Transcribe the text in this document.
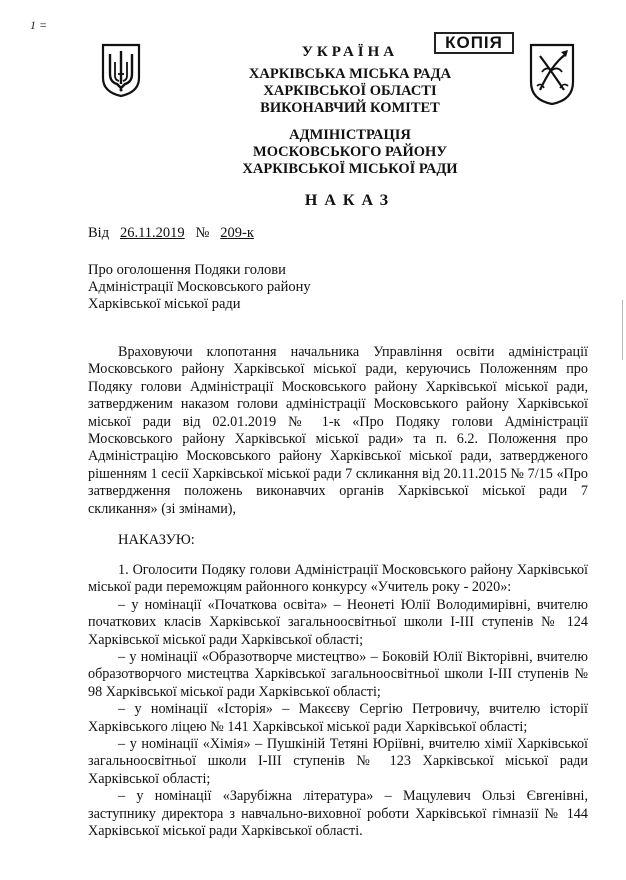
1 =
КОПІЯ
УКРАЇНА
ХАРКІВСЬКА МІСЬКА РАДА
ХАРКІВСЬКОЇ ОБЛАСТІ
ВИКОНАВЧИЙ КОМІТЕТ
АДМІНІСТРАЦІЯ
МОСКОВСЬКОГО РАЙОНУ
ХАРКІВСЬКОЇ МІСЬКОЇ РАДИ
НАКАЗ
Від 26.11.2019 № 209-к
Про оголошення Подяки голови
Адміністрації Московського району
Харківської міської ради

Враховуючи клопотання начальника Управління освіти адміністрації Московського району Харківської міської ради, керуючись Положенням про Подяку голови Адміністрації Московського району Харківської міської ради, затвердженим наказом голови адміністрації Московського району Харківської міської ради від 02.01.2019 № 1-к «Про Подяку голови Адміністрації Московського району Харківської міської ради» та п. 6.2. Положення про Адміністрацію Московського району Харківської міської ради, затвердженого рішенням 1 сесії Харківської міської ради 7 скликання від 20.11.2015 № 7/15 «Про затвердження положень виконавчих органів Харківської міської ради 7 скликання» (зі змінами),

НАКАЗУЮ:

1. Оголосити Подяку голови Адміністрації Московського району Харківської міської ради переможцям районного конкурсу «Учитель року - 2020»:

– у номінації «Початкова освіта» – Неонеті Юлії Володимирівні, вчителю початкових класів Харківської загальноосвітньої школи І-ІІІ ступенів № 124 Харківської міської ради Харківської області;

– у номінації «Образотворче мистецтво» – Боковій Юлії Вікторівні, вчителю образотворчого мистецтва Харківської загальноосвітньої школи І-ІІІ ступенів № 98 Харківської міської ради Харківської області;

– у номінації «Історія» – Макєєву Сергію Петровичу, вчителю історії Харківського ліцею № 141 Харківської міської ради Харківської області;

– у номінації «Хімія» – Пушкіній Тетяні Юріївні, вчителю хімії Харківської загальноосвітньої школи І-ІІІ ступенів № 123 Харківської міської ради Харківської області;

– у номінації «Зарубіжна література» – Мацулевич Ользі Євгенівні, заступнику директора з навчально-виховної роботи Харківської гімназії № 144 Харківської міської ради Харківської області.
